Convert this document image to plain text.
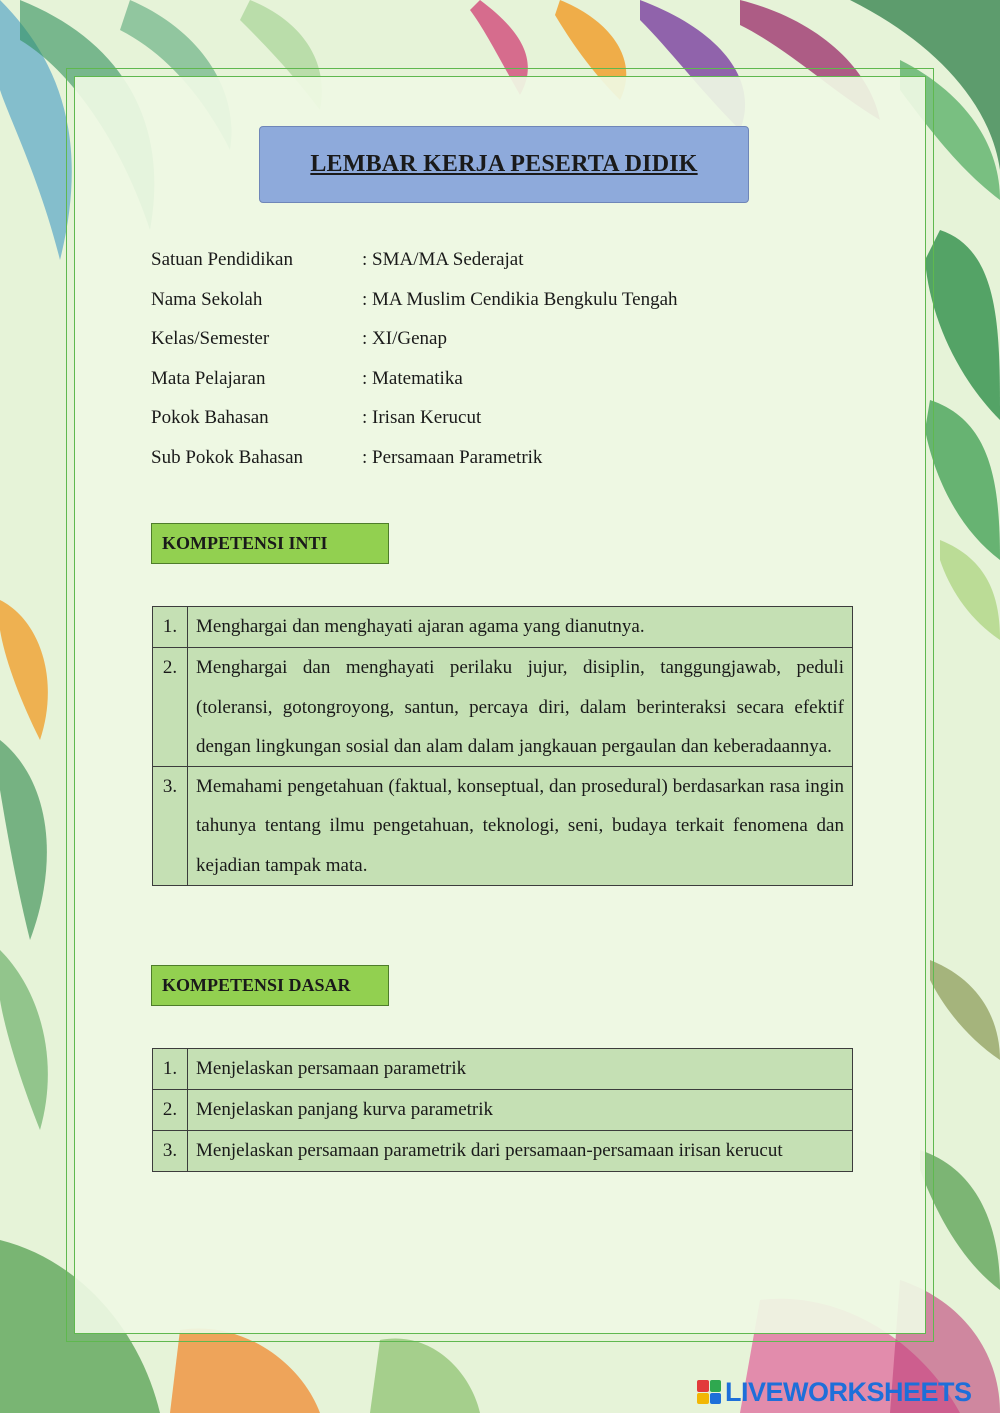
LEMBAR KERJA PESERTA DIDIK
Satuan Pendidikan	: SMA/MA Sederajat
Nama Sekolah	: MA Muslim Cendikia Bengkulu Tengah
Kelas/Semester	: XI/Genap
Mata Pelajaran	: Matematika
Pokok Bahasan	: Irisan Kerucut
Sub Pokok Bahasan	: Persamaan Parametrik
KOMPETENSI INTI
1.	Menghargai dan menghayati ajaran agama yang dianutnya.
2.	Menghargai dan menghayati perilaku jujur, disiplin, tanggungjawab, peduli (toleransi, gotongroyong, santun, percaya diri, dalam berinteraksi secara efektif dengan lingkungan sosial dan alam dalam jangkauan pergaulan dan keberadaannya.
3.	Memahami pengetahuan (faktual, konseptual, dan prosedural) berdasarkan rasa ingin tahunya tentang ilmu pengetahuan, teknologi, seni, budaya terkait fenomena dan kejadian tampak mata.
KOMPETENSI DASAR
1.	Menjelaskan persamaan parametrik
2.	Menjelaskan panjang kurva parametrik
3.	Menjelaskan persamaan parametrik dari persamaan-persamaan irisan kerucut
LIVEWORKSHEETS
